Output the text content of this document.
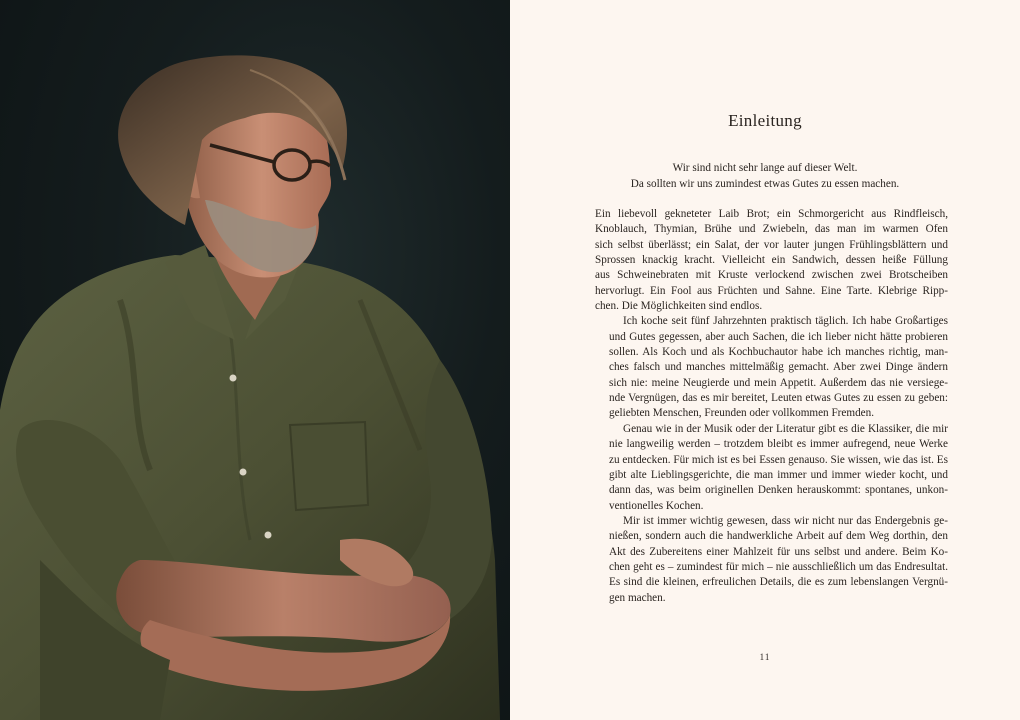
Einleitung
Wir sind nicht sehr lange auf dieser Welt.
Da sollten wir uns zumindest etwas Gutes zu essen machen.

Ein liebevoll gekneteter Laib Brot; ein Schmorgericht aus Rindfleisch,
Knoblauch, Thymian, Brühe und Zwiebeln, das man im warmen Ofen
sich selbst überlässt; ein Salat, der vor lauter jungen Frühlingsblättern und
Sprossen knackig kracht. Vielleicht ein Sandwich, dessen heiße Füllung
aus Schweinebraten mit Kruste verlockend zwischen zwei Brotscheiben
hervorlugt. Ein Fool aus Früchten und Sahne. Eine Tarte. Klebrige Ripp-
chen. Die Möglichkeiten sind endlos.

Ich koche seit fünf Jahrzehnten praktisch täglich. Ich habe Großartiges
und Gutes gegessen, aber auch Sachen, die ich lieber nicht hätte probieren
sollen. Als Koch und als Kochbuchautor habe ich manches richtig, man-
ches falsch und manches mittelmäßig gemacht. Aber zwei Dinge ändern
sich nie: meine Neugierde und mein Appetit. Außerdem das nie versiege-
nde Vergnügen, das es mir bereitet, Leuten etwas Gutes zu essen zu geben:
geliebten Menschen, Freunden oder vollkommen Fremden.

Genau wie in der Musik oder der Literatur gibt es die Klassiker, die mir
nie langweilig werden – trotzdem bleibt es immer aufregend, neue Werke
zu entdecken. Für mich ist es bei Essen genauso. Sie wissen, wie das ist. Es
gibt alte Lieblingsgerichte, die man immer und immer wieder kocht, und
dann das, was beim originellen Denken herauskommt: spontanes, unkon-
ventionelles Kochen.

Mir ist immer wichtig gewesen, dass wir nicht nur das Endergebnis ge-
nießen, sondern auch die handwerkliche Arbeit auf dem Weg dorthin, den
Akt des Zubereitens einer Mahlzeit für uns selbst und andere. Beim Ko-
chen geht es – zumindest für mich – nie ausschließlich um das Endresultat.
Es sind die kleinen, erfreulichen Details, die es zum lebenslangen Vergnü-
gen machen.

11
